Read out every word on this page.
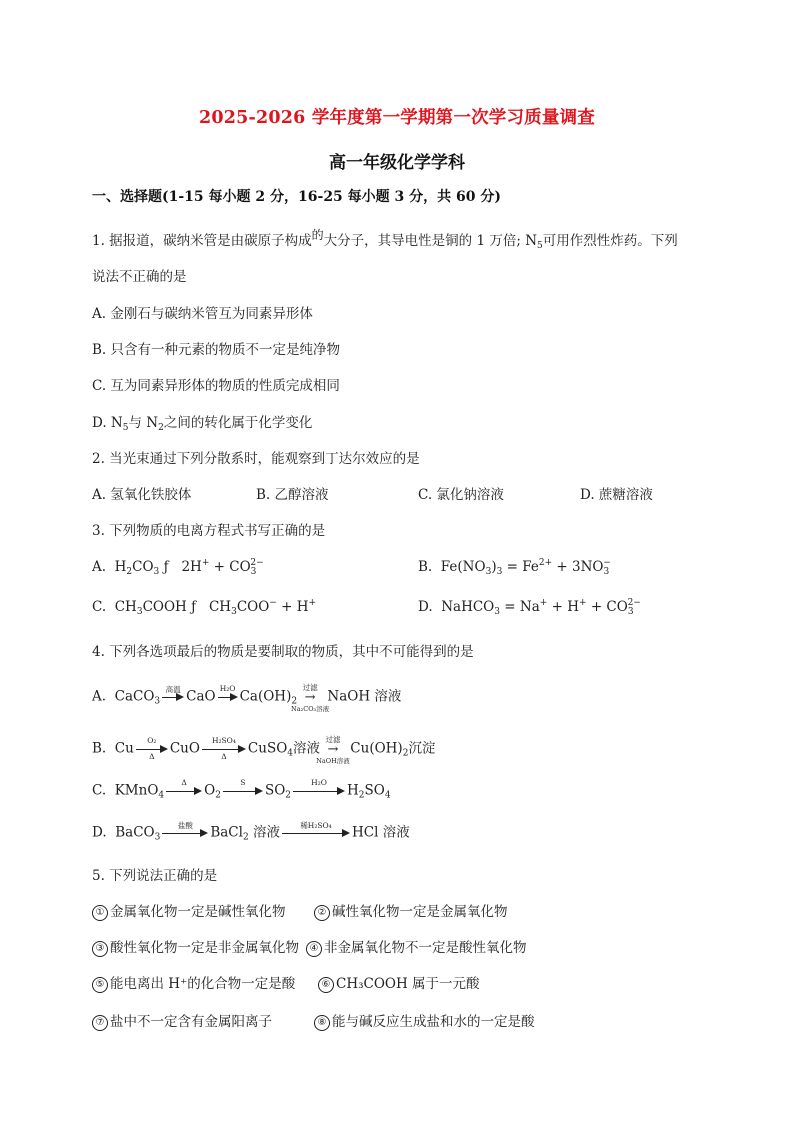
2025-2026 学年度第一学期第一次学习质量调查
高一年级化学学科
一、选择题(1-15 每小题 2 分，16-25 每小题 3 分，共 60 分)
1. 据报道，碳纳米管是由碳原子构成的大分子，其导电性是铜的 1 万倍; $N_5$可用作烈性炸药。下列
说法不正确的是
A. 金刚石与碳纳米管互为同素异形体
B. 只含有一种元素的物质不一定是纯净物
C. 互为同素异形体的物质的性质完成相同
D. $N_5$与 $N_2$之间的转化属于化学变化
2. 当光束通过下列分散系时，能观察到丁达尔效应的是
A. 氢氧化铁胶体	B. 乙醇溶液	C. 氯化钠溶液	D. 蔗糖溶液
3. 下列物质的电离方程式书写正确的是
A.  $H_2CO_3$ ƒ   $2H^+ + CO_3^{2-}$	B.  $Fe(NO_3)_3 = Fe^{2+} + 3NO_3^-$
C.  $CH_3COOH$ ƒ   $CH_3COO^- + H^+$	D.  NaHCO$_3$ = $Na^+ + H^+ + CO_3^{2-}$
4. 下列各选项最后的物质是要制取的物质，其中不可能得到的是
A.  CaCO$_3$
高温 CaO H₂O $Ca(OH)_2$
过滤
→
Na₂CO₃溶液
NaOH 溶液
B.  Cu $\frac{\text{O₂}}{\Delta}$ CuO $\frac{\text{H₂SO₄}}{\Delta}$ CuSO$_4$溶液
过滤
→
NaOH溶液
$Cu(OH)_2$沉淀
C.  KMnO$_4$
Δ	$O_2$
S	$SO_2$
H₂O	$H_2SO_4$
D.  BaCO$_3$
盐酸	BaCl$_2$ 溶液	稀H₂SO₄	HCl 溶液
5. 下列说法正确的是
① 金属氧化物一定是碱性氧化物	② 碱性氧化物一定是金属氧化物
③ 酸性氧化物一定是非金属氧化物	④ 非金属氧化物不一定是酸性氧化物
⑤ 能电离出 H⁺的化合物一定是酸	⑥ CH₃COOH 属于一元酸
⑦ 盐中不一定含有金属阳离子	⑧ 能与碱反应生成盐和水的一定是酸
